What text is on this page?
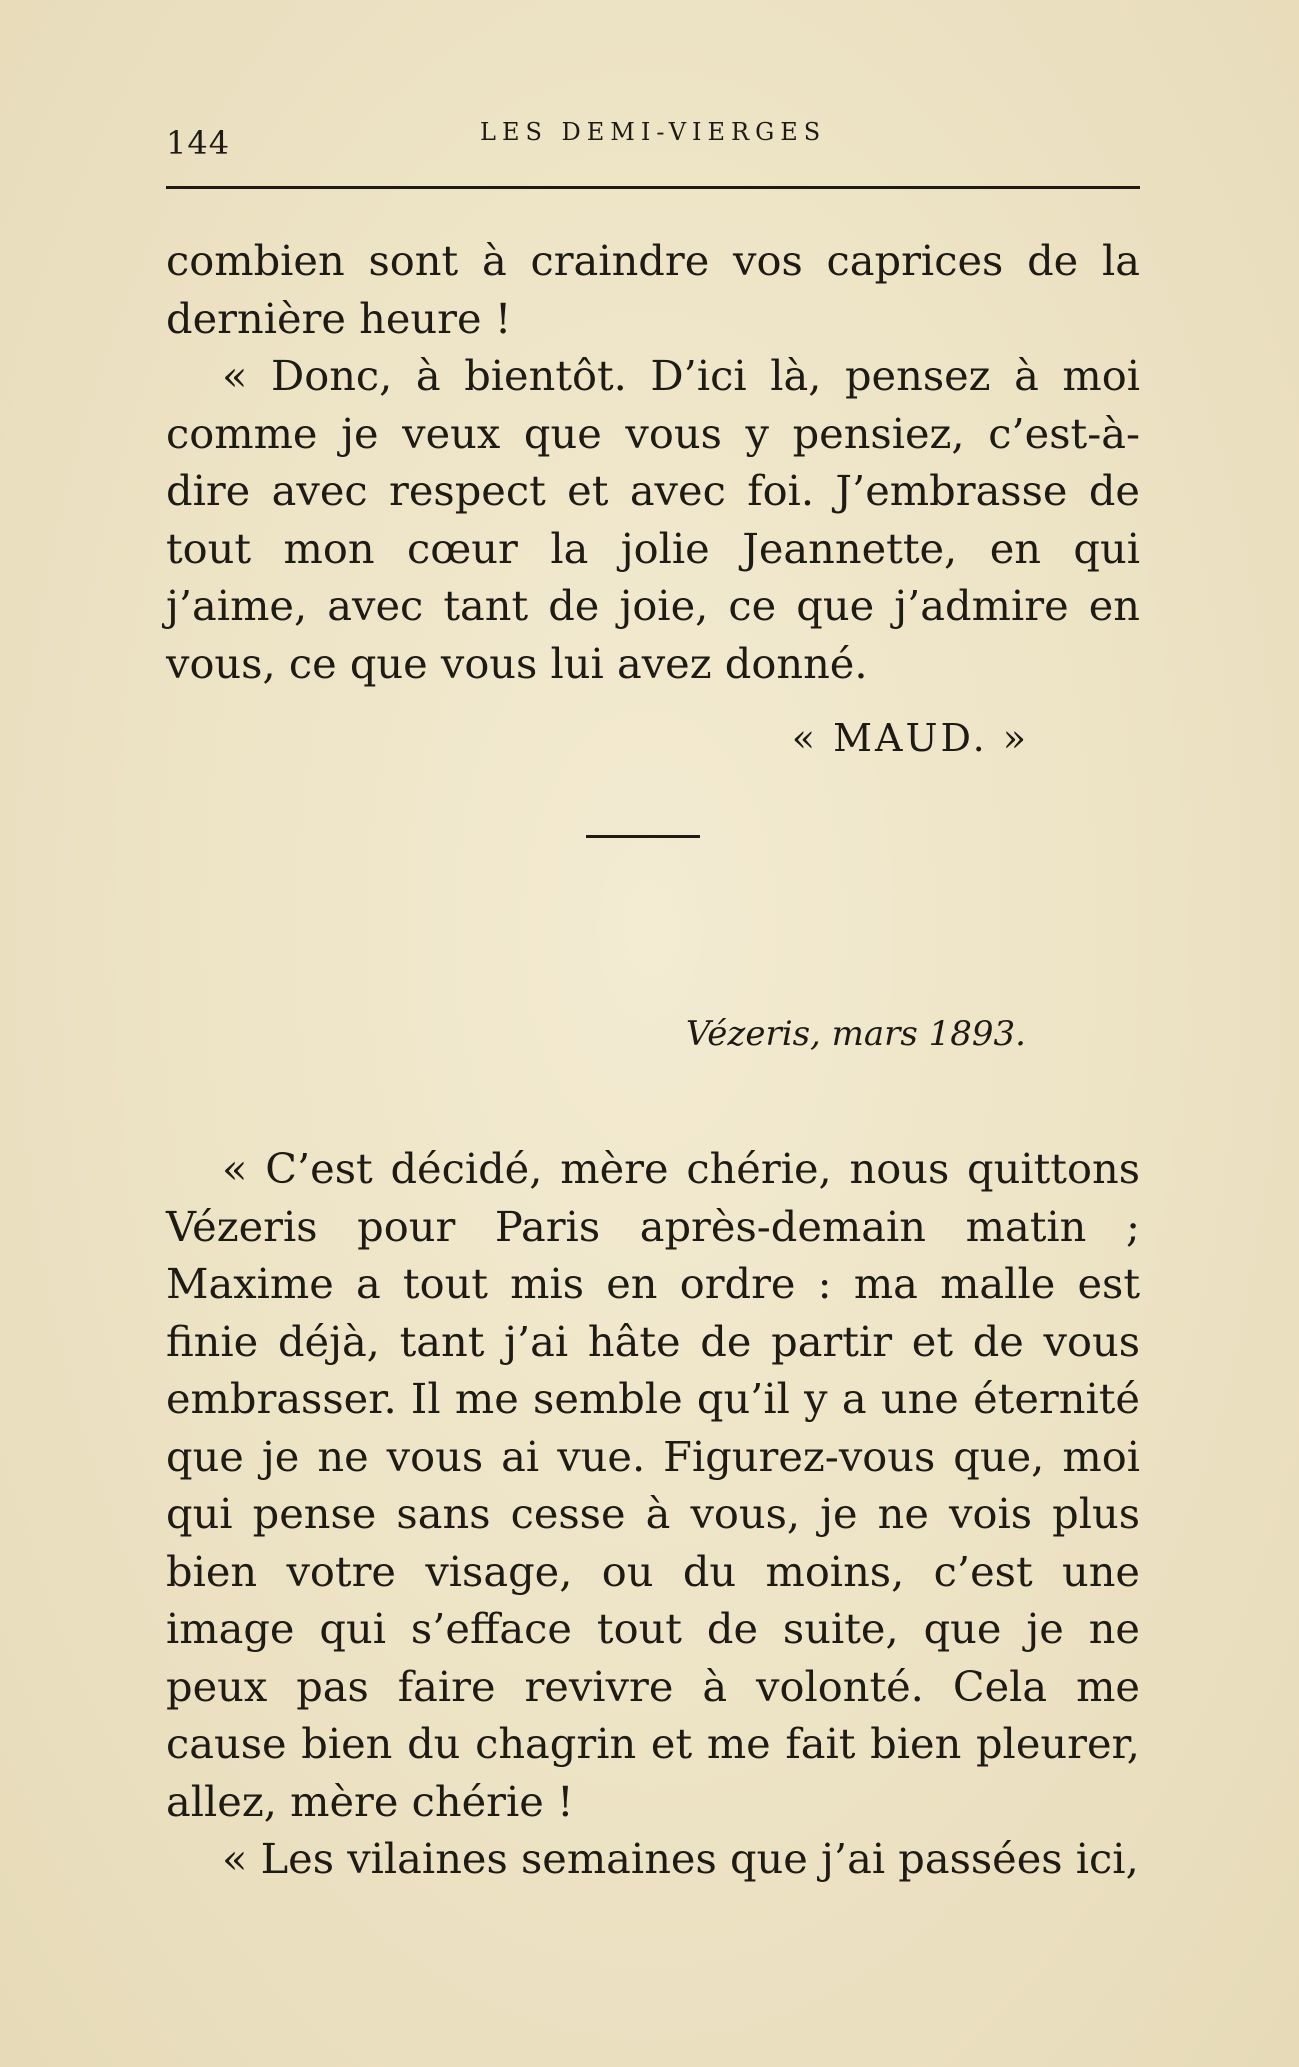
144	LES DEMI-VIERGES

combien sont à craindre vos caprices de la dernière heure !

« Donc, à bientôt. D’ici là, pensez à moi comme je veux que vous y pensiez, c’est-à-dire avec respect et avec foi. J’embrasse de tout mon cœur la jolie Jeannette, en qui j’aime, avec tant de joie, ce que j’admire en vous, ce que vous lui avez donné.

« MAUD. »
Vézeris, mars 1893.

« C’est décidé, mère chérie, nous quittons Vézeris pour Paris après-demain matin ; Maxime a tout mis en ordre : ma malle est finie déjà, tant j’ai hâte de partir et de vous embrasser. Il me semble qu’il y a une éternité que je ne vous ai vue. Figurez-vous que, moi qui pense sans cesse à vous, je ne vois plus bien votre visage, ou du moins, c’est une image qui s’efface tout de suite, que je ne peux pas faire revivre à volonté. Cela me cause bien du chagrin et me fait bien pleurer, allez, mère chérie !

« Les vilaines semaines que j’ai passées ici,
